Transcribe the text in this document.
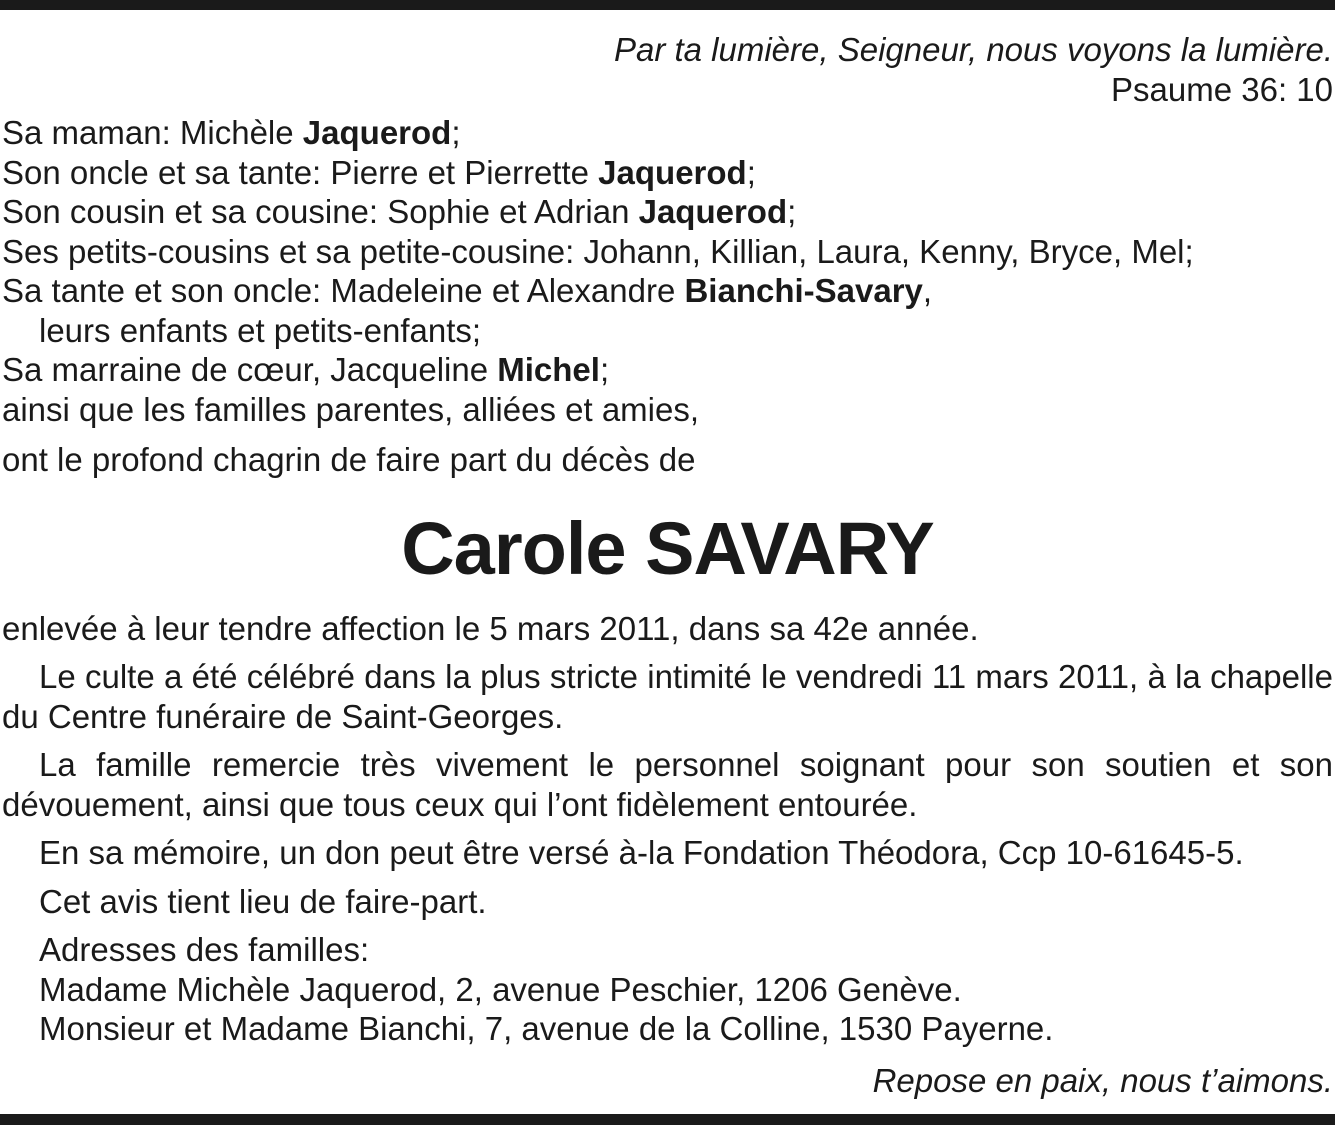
Par ta lumière, Seigneur, nous voyons la lumière.
Psaume 36: 10
Sa maman: Michèle Jaquerod;
Son oncle et sa tante: Pierre et Pierrette Jaquerod;
Son cousin et sa cousine: Sophie et Adrian Jaquerod;
Ses petits-cousins et sa petite-cousine: Johann, Killian, Laura, Kenny, Bryce, Mel;
Sa tante et son oncle: Madeleine et Alexandre Bianchi-Savary,
leurs enfants et petits-enfants;
Sa marraine de cœur, Jacqueline Michel;
ainsi que les familles parentes, alliées et amies,

ont le profond chagrin de faire part du décès de

Carole SAVARY

enlevée à leur tendre affection le 5 mars 2011, dans sa 42e année.

Le culte a été célébré dans la plus stricte intimité le vendredi 11 mars 2011, à la chapelle du Centre funéraire de Saint-Georges.

La famille remercie très vivement le personnel soignant pour son soutien et son dévouement, ainsi que tous ceux qui l’ont fidèlement entourée.

En sa mémoire, un don peut être versé à-la Fondation Théodora, Ccp 10-61645-5.

Cet avis tient lieu de faire-part.

Adresses des familles:
Madame Michèle Jaquerod, 2, avenue Peschier, 1206 Genève.
Monsieur et Madame Bianchi, 7, avenue de la Colline, 1530 Payerne.

Repose en paix, nous t’aimons.
